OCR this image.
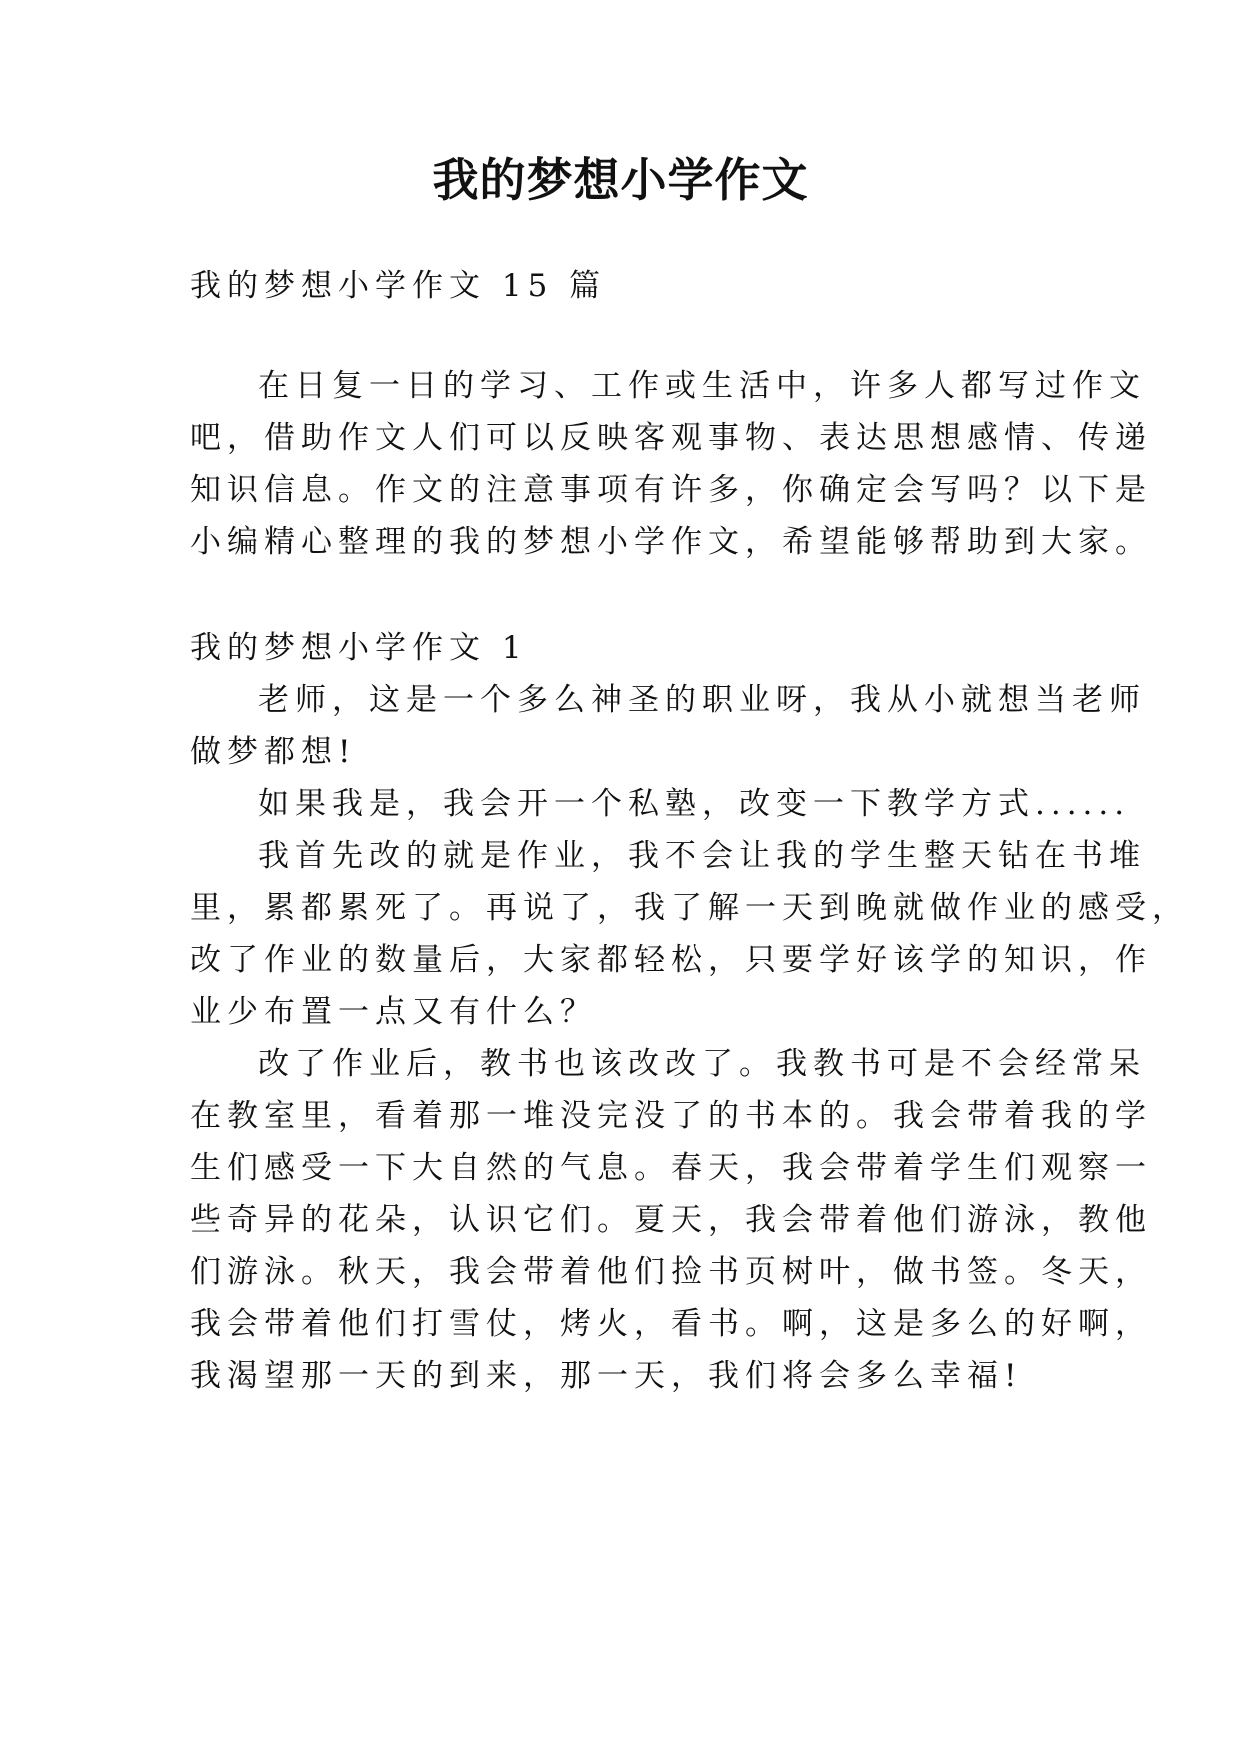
我的梦想小学作文
我的梦想小学作文 15 篇
在日复一日的学习、工作或生活中，许多人都写过作文
吧，借助作文人们可以反映客观事物、表达思想感情、传递
知识信息。作文的注意事项有许多，你确定会写吗？以下是
小编精心整理的我的梦想小学作文，希望能够帮助到大家。
我的梦想小学作文 1
老师，这是一个多么神圣的职业呀，我从小就想当老师
做梦都想!
如果我是，我会开一个私塾，改变一下教学方式......
我首先改的就是作业，我不会让我的学生整天钻在书堆
里，累都累死了。再说了，我了解一天到晚就做作业的感受，
改了作业的数量后，大家都轻松，只要学好该学的知识，作
业少布置一点又有什么？
改了作业后，教书也该改改了。我教书可是不会经常呆
在教室里，看着那一堆没完没了的书本的。我会带着我的学
生们感受一下大自然的气息。春天，我会带着学生们观察一
些奇异的花朵，认识它们。夏天，我会带着他们游泳，教他
们游泳。秋天，我会带着他们捡书页树叶，做书签。冬天，
我会带着他们打雪仗，烤火，看书。啊，这是多么的好啊，
我渴望那一天的到来，那一天，我们将会多么幸福!
